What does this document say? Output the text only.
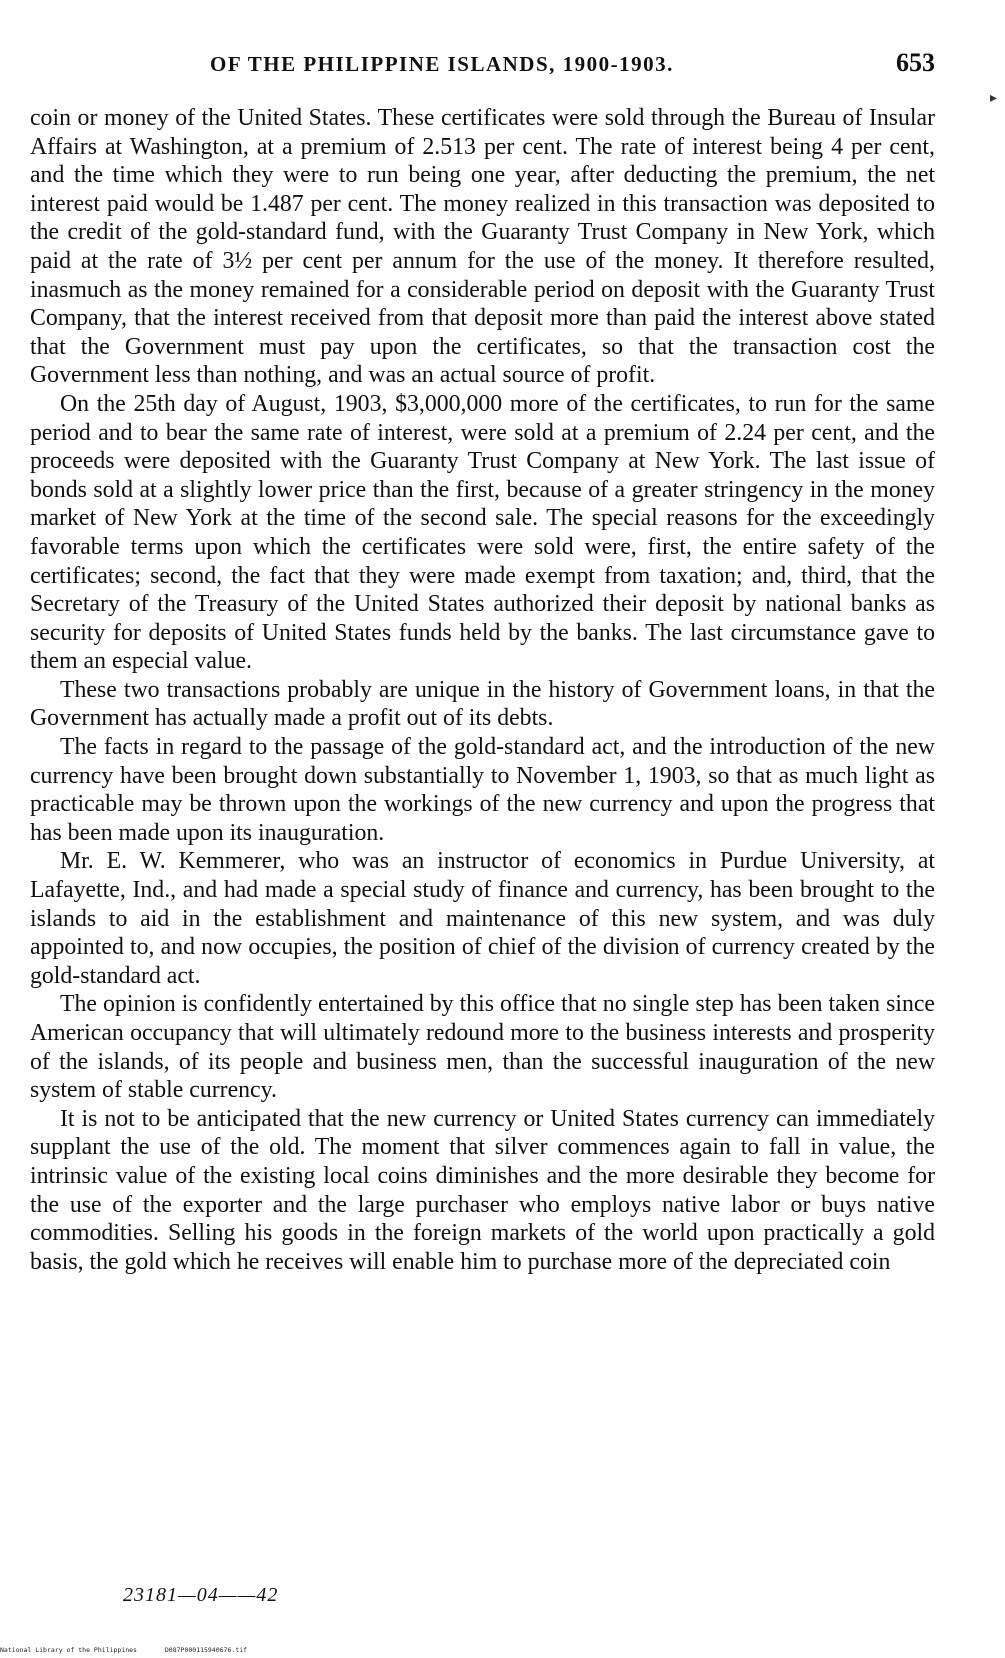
OF THE PHILIPPINE ISLANDS, 1900-1903.	653
▸

coin or money of the United States. These certificates were sold through the Bureau of Insular Affairs at Washington, at a premium of 2.513 per cent. The rate of interest being 4 per cent, and the time which they were to run being one year, after deducting the premium, the net interest paid would be 1.487 per cent. The money realized in this transaction was deposited to the credit of the gold-standard fund, with the Guaranty Trust Company in New York, which paid at the rate of 3½ per cent per annum for the use of the money. It therefore resulted, inasmuch as the money remained for a considerable period on deposit with the Guaranty Trust Company, that the interest received from that deposit more than paid the interest above stated that the Government must pay upon the certificates, so that the transaction cost the Government less than nothing, and was an actual source of profit.

On the 25th day of August, 1903, $3,000,000 more of the certificates, to run for the same period and to bear the same rate of interest, were sold at a premium of 2.24 per cent, and the proceeds were deposited with the Guaranty Trust Company at New York. The last issue of bonds sold at a slightly lower price than the first, because of a greater stringency in the money market of New York at the time of the second sale. The special reasons for the exceedingly favorable terms upon which the certificates were sold were, first, the entire safety of the certificates; second, the fact that they were made exempt from taxation; and, third, that the Secretary of the Treasury of the United States authorized their deposit by national banks as security for deposits of United States funds held by the banks. The last circumstance gave to them an especial value.

These two transactions probably are unique in the history of Government loans, in that the Government has actually made a profit out of its debts.

The facts in regard to the passage of the gold-standard act, and the introduction of the new currency have been brought down substantially to November 1, 1903, so that as much light as practicable may be thrown upon the workings of the new currency and upon the progress that has been made upon its inauguration.

Mr. E. W. Kemmerer, who was an instructor of economics in Purdue University, at Lafayette, Ind., and had made a special study of finance and currency, has been brought to the islands to aid in the establishment and maintenance of this new system, and was duly appointed to, and now occupies, the position of chief of the division of currency created by the gold-standard act.

The opinion is confidently entertained by this office that no single step has been taken since American occupancy that will ultimately redound more to the business interests and prosperity of the islands, of its people and business men, than the successful inauguration of the new system of stable currency.

It is not to be anticipated that the new currency or United States currency can immediately supplant the use of the old. The moment that silver commences again to fall in value, the intrinsic value of the existing local coins diminishes and the more desirable they become for the use of the exporter and the large purchaser who employs native labor or buys native commodities. Selling his goods in the foreign markets of the world upon practically a gold basis, the gold which he receives will enable him to purchase more of the depreciated coin

23181—04——42
National Library of the Philippines	D087P000115940676.tif
